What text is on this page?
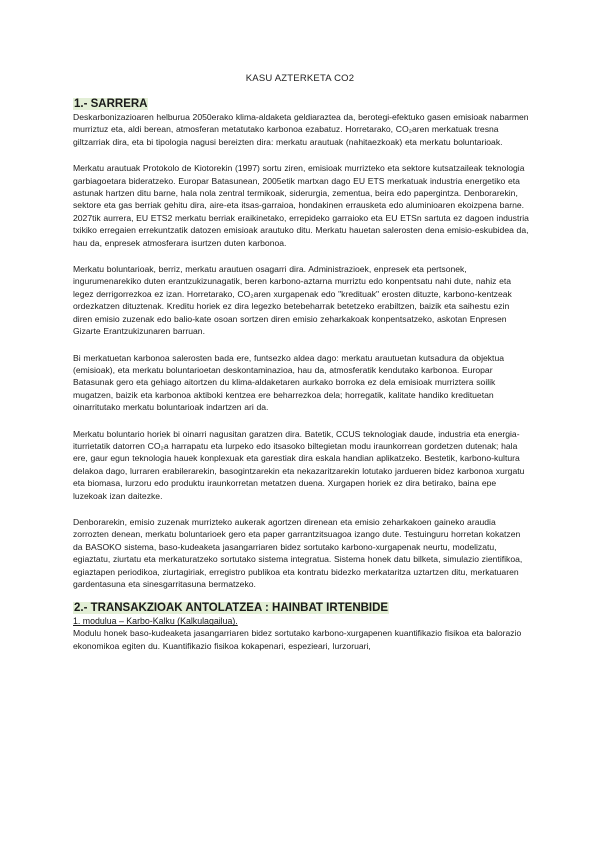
KASU AZTERKETA CO2
1.- SARRERA

Deskarbonizazioaren helburua 2050erako klima-aldaketa geldiaraztea da, berotegi-efektuko gasen emisioak nabarmen murriztuz eta, aldi berean, atmosferan metatutako karbonoa ezabatuz. Horretarako, CO₂aren merkatuak tresna giltzarriak dira, eta bi tipologia nagusi bereizten dira: merkatu arautuak (nahitaezkoak) eta merkatu boluntarioak.

Merkatu arautuak Protokolo de Kiotorekin (1997) sortu ziren, emisioak murrizteko eta sektore kutsatzaileak teknologia garbiagoetara bideratzeko. Europar Batasunean, 2005etik martxan dago EU ETS merkatuak industria energetiko eta astunak hartzen ditu barne, hala nola zentral termikoak, siderurgia, zementua, beira edo papergintza. Denborarekin, sektore eta gas berriak gehitu dira, aire-eta itsas-garraioa, hondakinen errausketa edo aluminioaren ekoizpena barne. 2027tik aurrera, EU ETS2 merkatu berriak eraikinetako, errepideko garraioko eta EU ETSn sartuta ez dagoen industria txikiko erregaien errekuntzatik datozen emisioak arautuko ditu. Merkatu hauetan salerosten dena emisio-eskubidea da, hau da, enpresek atmosferara isurtzen duten karbonoa.

Merkatu boluntarioak, berriz, merkatu arautuen osagarri dira. Administrazioek, enpresek eta pertsonek, ingurumenarekiko duten erantzukizunagatik, beren karbono-aztarna murriztu edo konpentsatu nahi dute, nahiz eta legez derrigorrezkoa ez izan. Horretarako, CO₂aren xurgapenak edo "kredituak" erosten dituzte, karbono-kentzeak ordezkatzen dituztenak. Kreditu horiek ez dira legezko betebeharrak betetzeko erabiltzen, baizik eta saihestu ezin diren emisio zuzenak edo balio-kate osoan sortzen diren emisio zeharkakoak konpentsatzeko, askotan Enpresen Gizarte Erantzukizunaren barruan.

Bi merkatuetan karbonoa salerosten bada ere, funtsezko aldea dago: merkatu arautuetan kutsadura da objektua (emisioak), eta merkatu boluntarioetan deskontaminazioa, hau da, atmosferatik kendutako karbonoa. Europar Batasunak gero eta gehiago aitortzen du klima-aldaketaren aurkako borroka ez dela emisioak murriztera soilik mugatzen, baizik eta karbonoa aktiboki kentzea ere beharrezkoa dela; horregatik, kalitate handiko kredituetan oinarritutako merkatu boluntarioak indartzen ari da.

Merkatu boluntario horiek bi oinarri nagusitan garatzen dira. Batetik, CCUS teknologiak daude, industria eta energia-iturrietatik datorren CO₂a harrapatu eta lurpeko edo itsasoko biltegietan modu iraunkorrean gordetzen dutenak; hala ere, gaur egun teknologia hauek konplexuak eta garestiak dira eskala handian aplikatzeko. Bestetik, karbono-kultura delakoa dago, lurraren erabilerarekin, basogintzarekin eta nekazaritzarekin lotutako jardueren bidez karbonoa xurgatu eta biomasa, lurzoru edo produktu iraunkorretan metatzen duena. Xurgapen horiek ez dira betirako, baina epe luzekoak izan daitezke.

Denborarekin, emisio zuzenak murrizteko aukerak agortzen direnean eta emisio zeharkakoen gaineko araudia zorrozten denean, merkatu boluntarioek gero eta paper garrantzitsuagoa izango dute. Testuinguru horretan kokatzen da BASOKO sistema, baso-kudeaketa jasangarriaren bidez sortutako karbono-xurgapenak neurtu, modelizatu, egiaztatu, ziurtatu eta merkaturatzeko sortutako sistema integratua. Sistema honek datu bilketa, simulazio zientifikoa, egiaztapen periodikoa, ziurtagiriak, erregistro publikoa eta kontratu bidezko merkataritza uztartzen ditu, merkatuaren gardentasuna eta sinesgarritasuna bermatzeko.

2.- TRANSAKZIOAK ANTOLATZEA : HAINBAT IRTENBIDE

1. modulua – Karbo-Kalku (Kalkulagailua).

Modulu honek baso-kudeaketa jasangarriaren bidez sortutako karbono-xurgapenen kuantifikazio fisikoa eta balorazio ekonomikoa egiten du. Kuantifikazio fisikoa kokapenari, espezieari, lurzoruari,
